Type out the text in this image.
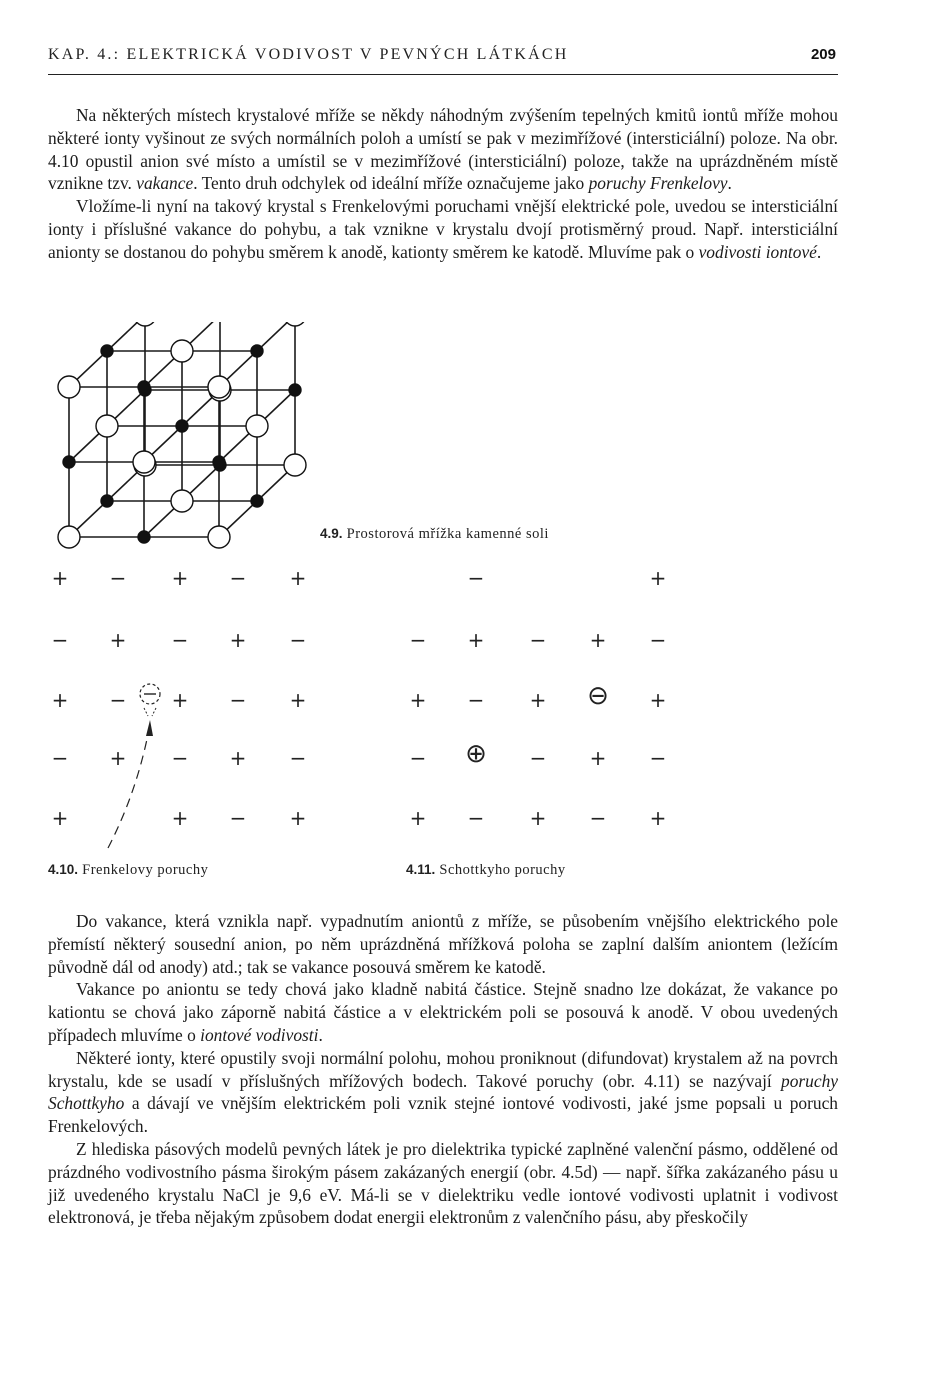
KAP. 4.: ELEKTRICKÁ VODIVOST V PEVNÝCH LÁTKÁCH	209

Na některých místech krystalové mříže se někdy náhodným zvýšením tepelných kmitů iontů mříže mohou některé ionty vyšinout ze svých normálních poloh a umístí se pak v mezimřížové (intersticiální) poloze. Na obr. 4.10 opustil anion své místo a umístil se v mezimřížové (intersticiální) poloze, takže na uprázdněném místě vznikne tzv. vakance. Tento druh odchylek od ideální mříže označujeme jako poruchy Frenkelovy.

Vložíme-li nyní na takový krystal s Frenkelovými poruchami vnější elektrické pole, uvedou se intersticiální ionty i příslušné vakance do pohybu, a tak vznikne v krystalu dvojí protisměrný proud. Např. intersticiální anionty se dostanou do pohybu směrem k anodě, kationty směrem ke katodě. Mluvíme pak o vodivosti iontové.

4.9. Prostorová mřížka kamenné soli
+ − + − +
− + − + −
+ − + − +
− + − + −
+	+ − +
4.10. Frenkelovy poruchy
−	+
− + − + −
+ − + ⊖ +
− ⊕ − + −
+ − + − +
4.11. Schottkyho poruchy

Do vakance, která vznikla např. vypadnutím aniontů z mříže, se působením vnějšího elektrického pole přemístí některý sousední anion, po něm uprázdněná mřížková poloha se zaplní dalším aniontem (ležícím původně dál od anody) atd.; tak se vakance posouvá směrem ke katodě.

Vakance po aniontu se tedy chová jako kladně nabitá částice. Stejně snadno lze dokázat, že vakance po kationtu se chová jako záporně nabitá částice a v elektrickém poli se posouvá k anodě. V obou uvedených případech mluvíme o iontové vodivosti.

Některé ionty, které opustily svoji normální polohu, mohou proniknout (difundovat) krystalem až na povrch krystalu, kde se usadí v příslušných mřížových bodech. Takové poruchy (obr. 4.11) se nazývají poruchy Schottkyho a dávají ve vnějším elektrickém poli vznik stejné iontové vodivosti, jaké jsme popsali u poruch Frenkelových.

Z hlediska pásových modelů pevných látek je pro dielektrika typické zaplněné valenční pásmo, oddělené od prázdného vodivostního pásma širokým pásem zakázaných energií (obr. 4.5d) — např. šířka zakázaného pásu u již uvedeného krystalu NaCl je 9,6 eV. Má-li se v dielektriku vedle iontové vodivosti uplatnit i vodivost elektronová, je třeba nějakým způsobem dodat energii elektronům z valenčního pásu, aby přeskočily
